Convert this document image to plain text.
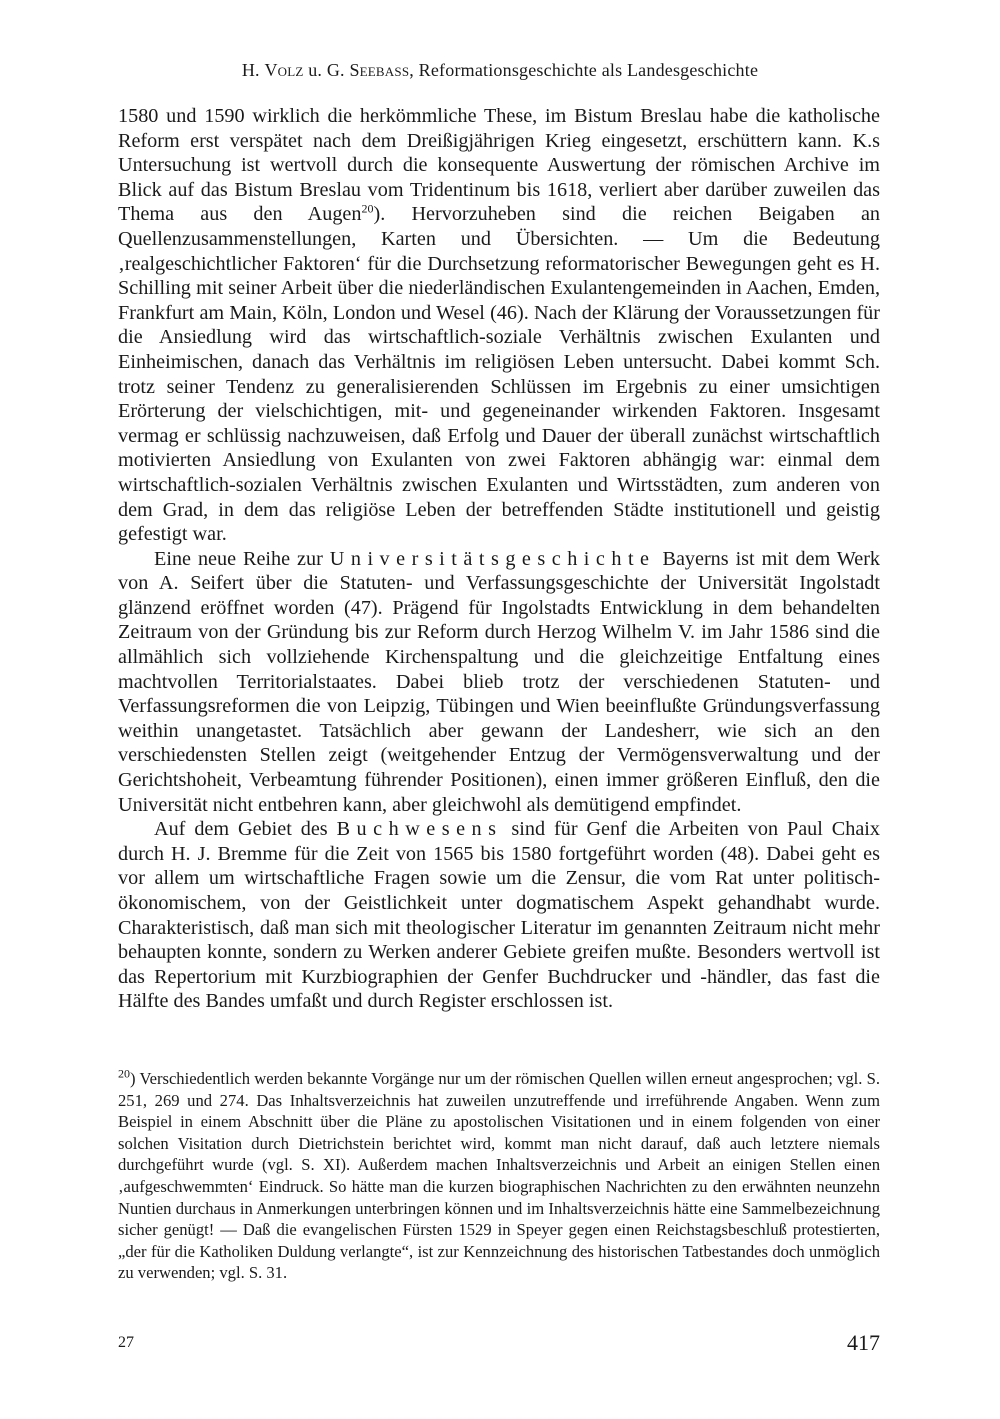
H. Volz u. G. Seebass, Reformationsgeschichte als Landesgeschichte

1580 und 1590 wirklich die herkömmliche These, im Bistum Breslau habe die katholische Reform erst verspätet nach dem Dreißigjährigen Krieg eingesetzt, erschüttern kann. K.s Untersuchung ist wertvoll durch die konsequente Auswertung der römischen Archive im Blick auf das Bistum Breslau vom Tridentinum bis 1618, verliert aber darüber zuweilen das Thema aus den Augen$^{20}$). Hervorzuheben sind die reichen Beigaben an Quellenzusammenstellungen, Karten und Übersichten. — Um die Bedeutung ‚realgeschichtlicher Faktoren‘ für die Durchsetzung reformatorischer Bewegungen geht es H. Schilling mit seiner Arbeit über die niederländischen Exulantengemeinden in Aachen, Emden, Frankfurt am Main, Köln, London und Wesel (46). Nach der Klärung der Voraussetzungen für die Ansiedlung wird das wirtschaftlich-soziale Verhältnis zwischen Exulanten und Einheimischen, danach das Verhältnis im religiösen Leben untersucht. Dabei kommt Sch. trotz seiner Tendenz zu generalisierenden Schlüssen im Ergebnis zu einer umsichtigen Erörterung der vielschichtigen, mit- und gegeneinander wirkenden Faktoren. Insgesamt vermag er schlüssig nachzuweisen, daß Erfolg und Dauer der überall zunächst wirtschaftlich motivierten Ansiedlung von Exulanten von zwei Faktoren abhängig war: einmal dem wirtschaftlich-sozialen Verhältnis zwischen Exulanten und Wirtsstädten, zum anderen von dem Grad, in dem das religiöse Leben der betreffenden Städte institutionell und geistig gefestigt war.

Eine neue Reihe zur Universitätsgeschichte Bayerns ist mit dem Werk von A. Seifert über die Statuten- und Verfassungsgeschichte der Universität Ingolstadt glänzend eröffnet worden (47). Prägend für Ingolstadts Entwicklung in dem behandelten Zeitraum von der Gründung bis zur Reform durch Herzog Wilhelm V. im Jahr 1586 sind die allmählich sich vollziehende Kirchenspaltung und die gleichzeitige Entfaltung eines machtvollen Territorialstaates. Dabei blieb trotz der verschiedenen Statuten- und Verfassungsreformen die von Leipzig, Tübingen und Wien beeinflußte Gründungsverfassung weithin unangetastet. Tatsächlich aber gewann der Landesherr, wie sich an den verschiedensten Stellen zeigt (weitgehender Entzug der Vermögensverwaltung und der Gerichtshoheit, Verbeamtung führender Positionen), einen immer größeren Einfluß, den die Universität nicht entbehren kann, aber gleichwohl als demütigend empfindet.

Auf dem Gebiet des Buchwesens sind für Genf die Arbeiten von Paul Chaix durch H. J. Bremme für die Zeit von 1565 bis 1580 fortgeführt worden (48). Dabei geht es vor allem um wirtschaftliche Fragen sowie um die Zensur, die vom Rat unter politisch-ökonomischem, von der Geistlichkeit unter dogmatischem Aspekt gehandhabt wurde. Charakteristisch, daß man sich mit theologischer Literatur im genannten Zeitraum nicht mehr behaupten konnte, sondern zu Werken anderer Gebiete greifen mußte. Besonders wertvoll ist das Repertorium mit Kurzbiographien der Genfer Buchdrucker und -händler, das fast die Hälfte des Bandes umfaßt und durch Register erschlossen ist.

$^{20}$) Verschiedentlich werden bekannte Vorgänge nur um der römischen Quellen willen erneut angesprochen; vgl. S. 251, 269 und 274. Das Inhaltsverzeichnis hat zuweilen unzutreffende und irreführende Angaben. Wenn zum Beispiel in einem Abschnitt über die Pläne zu apostolischen Visitationen und in einem folgenden von einer solchen Visitation durch Dietrichstein berichtet wird, kommt man nicht darauf, daß auch letztere niemals durchgeführt wurde (vgl. S. XI). Außerdem machen Inhaltsverzeichnis und Arbeit an einigen Stellen einen ‚aufgeschwemmten‘ Eindruck. So hätte man die kurzen biographischen Nachrichten zu den erwähnten neunzehn Nuntien durchaus in Anmerkungen unterbringen können und im Inhaltsverzeichnis hätte eine Sammelbezeichnung sicher genügt! — Daß die evangelischen Fürsten 1529 in Speyer gegen einen Reichstagsbeschluß protestierten, „der für die Katholiken Duldung verlangte“, ist zur Kennzeichnung des historischen Tatbestandes doch unmöglich zu verwenden; vgl. S. 31.

27	417
